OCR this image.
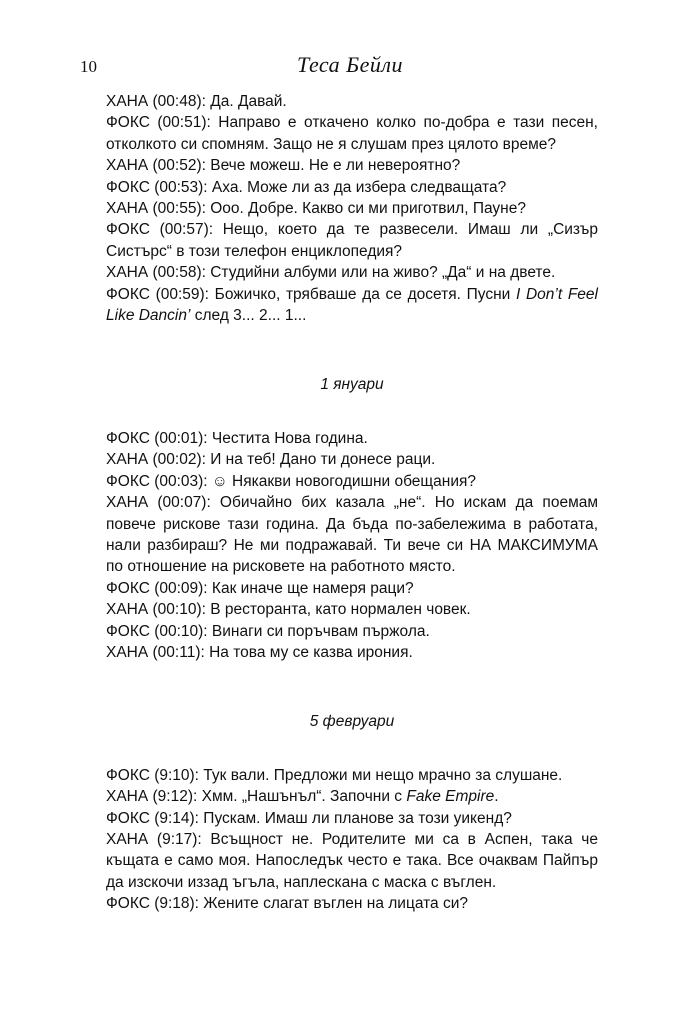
10	Теса Бейли

ХАНА (00:48): Да. Давай.

ФОКС (00:51): Направо е откачено колко по-добра е тази песен, отколкото си спомням. Защо не я слушам през цялото време?

ХАНА (00:52): Вече можеш. Не е ли невероятно?

ФОКС (00:53): Аха. Може ли аз да избера следващата?

ХАНА (00:55): Ооо. Добре. Какво си ми приготвил, Пауне?

ФОКС (00:57): Нещо, което да те развесели. Имаш ли „Сизър Систърс“ в този телефон енциклопедия?

ХАНА (00:58): Студийни албуми или на живо? „Да“ и на двете.

ФОКС (00:59): Божичко, трябваше да се досетя. Пусни I Don’t Feel Like Dancin’ след 3... 2... 1...

1 януари

ФОКС (00:01): Честита Нова година.

ХАНА (00:02): И на теб! Дано ти донесе раци.

ФОКС (00:03): ☺ Някакви новогодишни обещания?

ХАНА (00:07): Обичайно бих казала „не“. Но искам да поемам повече рискове тази година. Да бъда по-забележима в работата, нали разбираш? Не ми подражавай. Ти вече си НА МАКСИМУМА по отношение на рисковете на работното място.

ФОКС (00:09): Как иначе ще намеря раци?

ХАНА (00:10): В ресторанта, като нормален човек.

ФОКС (00:10): Винаги си поръчвам пържола.

ХАНА (00:11): На това му се казва ирония.

5 февруари

ФОКС (9:10): Тук вали. Предложи ми нещо мрачно за слушане.

ХАНА (9:12): Хмм. „Нашънъл“. Започни с Fake Empire.

ФОКС (9:14): Пускам. Имаш ли планове за този уикенд?

ХАНА (9:17): Всъщност не. Родителите ми са в Аспен, така че къщата е само моя. Напоследък често е така. Все очаквам Пайпър да изскочи иззад ъгъла, наплескана с маска с въглен.

ФОКС (9:18): Жените слагат въглен на лицата си?
